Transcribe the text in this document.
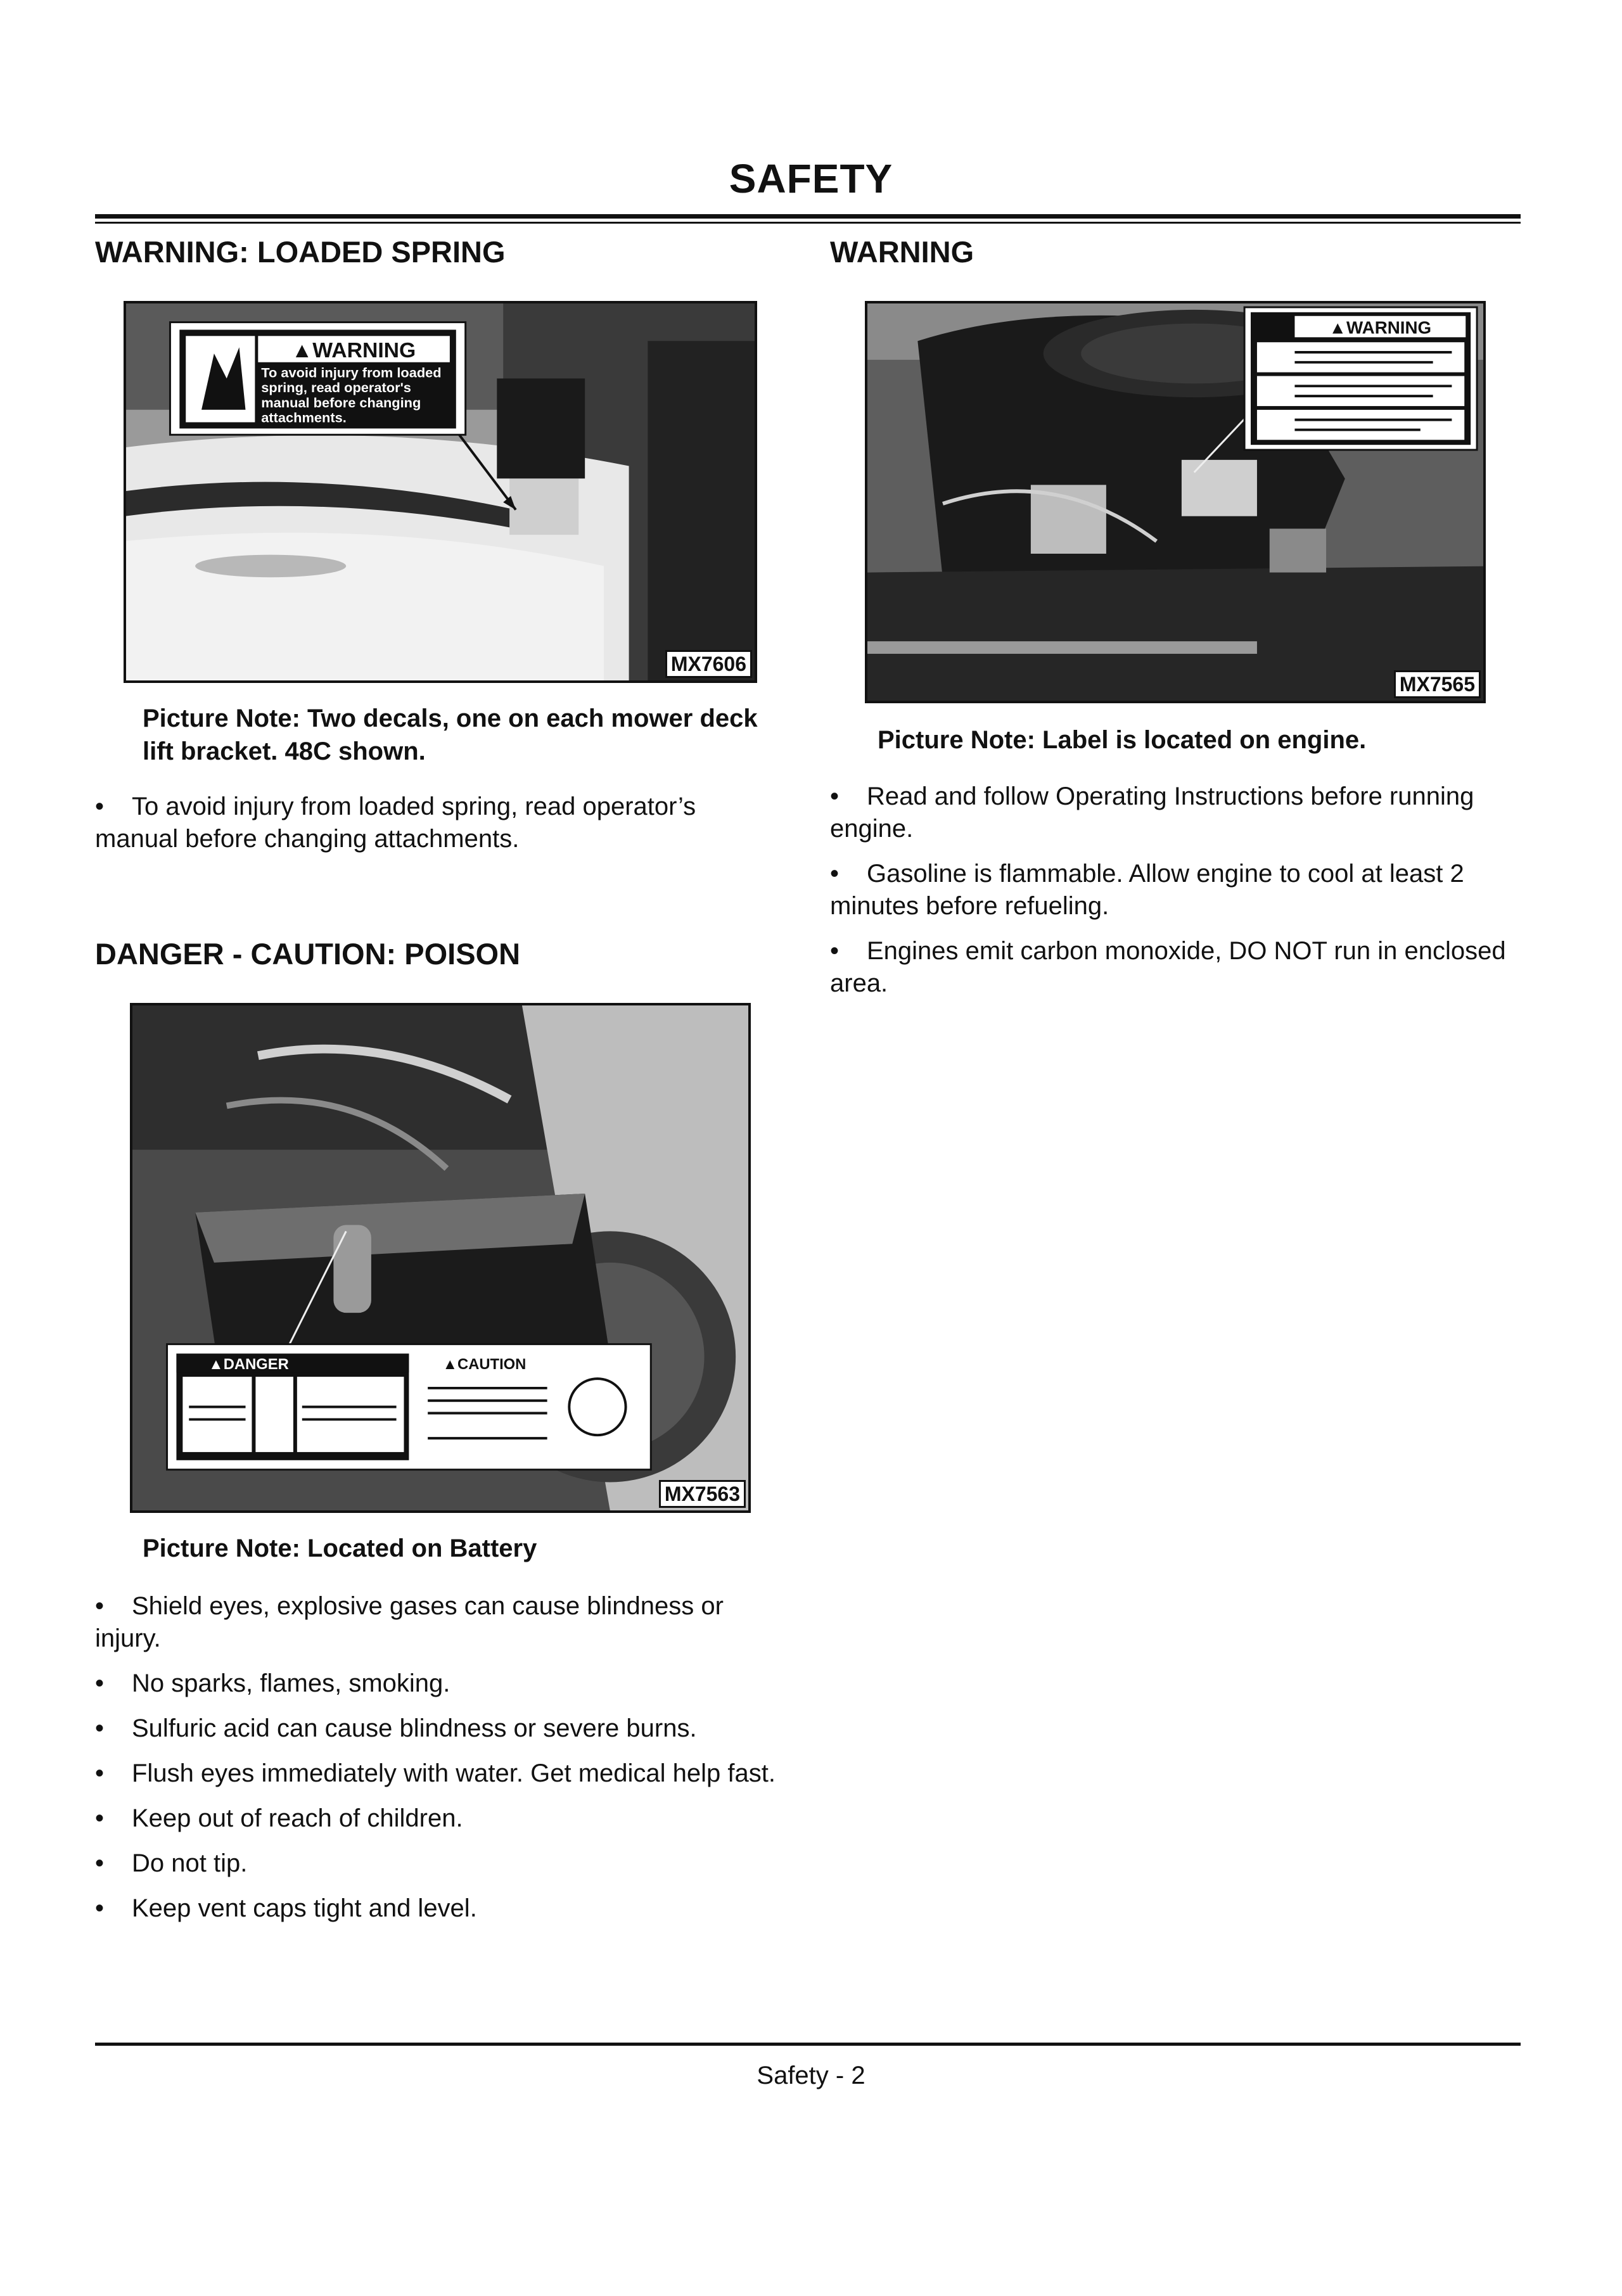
SAFETY
WARNING: LOADED SPRING
▲WARNING
To avoid injury from loaded
spring, read operator's
manual before changing
attachments.
MX7606
Picture Note: Two decals, one on each mower deck lift bracket. 48C shown.
• To avoid injury from loaded spring, read operator’s manual before changing attachments.
DANGER - CAUTION: POISON
▲DANGER	▲CAUTION
MX7563
Picture Note: Located on Battery
• Shield eyes, explosive gases can cause blindness or injury.
• No sparks, flames, smoking.
• Sulfuric acid can cause blindness or severe burns.
• Flush eyes immediately with water. Get medical help fast.
• Keep out of reach of children.
• Do not tip.
• Keep vent caps tight and level.
WARNING
▲WARNING
MX7565
Picture Note: Label is located on engine.
• Read and follow Operating Instructions before running engine.
• Gasoline is flammable. Allow engine to cool at least 2 minutes before refueling.
• Engines emit carbon monoxide, DO NOT run in enclosed area.
Safety - 2
